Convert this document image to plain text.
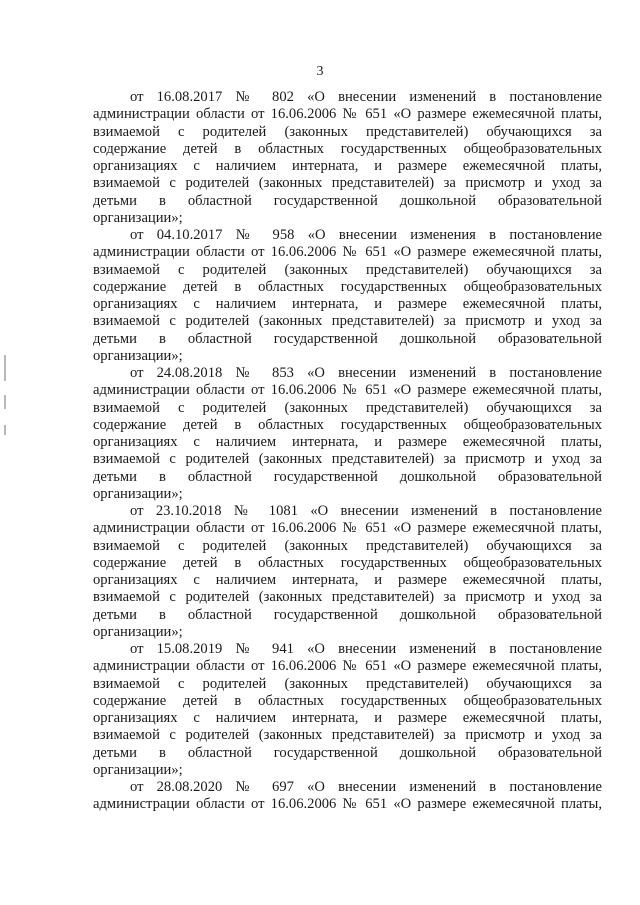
3

от 16.08.2017 № 802 «О внесении изменений в постановление
администрации области от 16.06.2006 № 651 «О размере ежемесячной платы,
взимаемой с родителей (законных представителей) обучающихся за
содержание детей в областных государственных общеобразовательных
организациях с наличием интерната, и размере ежемесячной платы,
взимаемой с родителей (законных представителей) за присмотр и уход за
детьми в областной государственной дошкольной образовательной
организации»;

от 04.10.2017 № 958 «О внесении изменения в постановление
администрации области от 16.06.2006 № 651 «О размере ежемесячной платы,
взимаемой с родителей (законных представителей) обучающихся за
содержание детей в областных государственных общеобразовательных
организациях с наличием интерната, и размере ежемесячной платы,
взимаемой с родителей (законных представителей) за присмотр и уход за
детьми в областной государственной дошкольной образовательной
организации»;

от 24.08.2018 № 853 «О внесении изменений в постановление
администрации области от 16.06.2006 № 651 «О размере ежемесячной платы,
взимаемой с родителей (законных представителей) обучающихся за
содержание детей в областных государственных общеобразовательных
организациях с наличием интерната, и размере ежемесячной платы,
взимаемой с родителей (законных представителей) за присмотр и уход за
детьми в областной государственной дошкольной образовательной
организации»;

от 23.10.2018 № 1081 «О внесении изменений в постановление
администрации области от 16.06.2006 № 651 «О размере ежемесячной платы,
взимаемой с родителей (законных представителей) обучающихся за
содержание детей в областных государственных общеобразовательных
организациях с наличием интерната, и размере ежемесячной платы,
взимаемой с родителей (законных представителей) за присмотр и уход за
детьми в областной государственной дошкольной образовательной
организации»;

от 15.08.2019 № 941 «О внесении изменений в постановление
администрации области от 16.06.2006 № 651 «О размере ежемесячной платы,
взимаемой с родителей (законных представителей) обучающихся за
содержание детей в областных государственных общеобразовательных
организациях с наличием интерната, и размере ежемесячной платы,
взимаемой с родителей (законных представителей) за присмотр и уход за
детьми в областной государственной дошкольной образовательной
организации»;

от 28.08.2020 № 697 «О внесении изменений в постановление
администрации области от 16.06.2006 № 651 «О размере ежемесячной платы,
